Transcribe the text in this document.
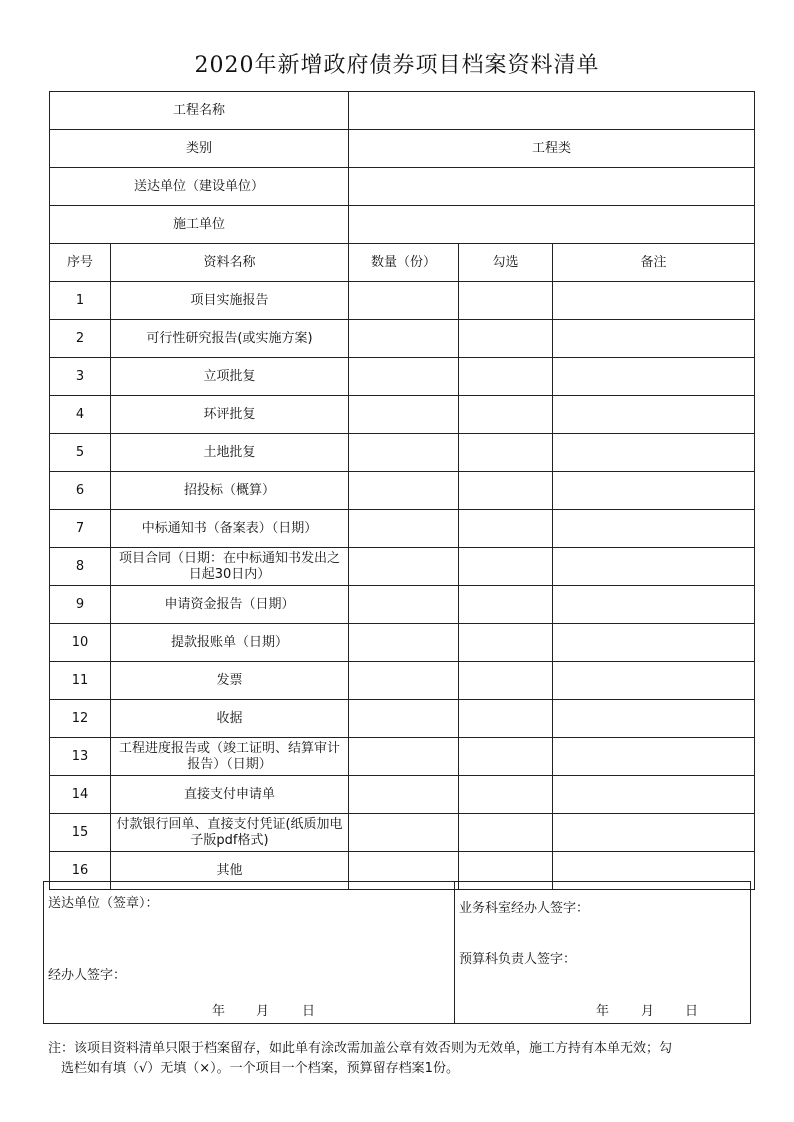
2020年新增政府债券项目档案资料清单
工程名称				
类别		工程类		
送达单位（建设单位）				
施工单位				
序号	资料名称	数量（份）	勾选	备注
1	项目实施报告			
2	可行性研究报告(或实施方案)			
3	立项批复			
4	环评批复			
5	土地批复			
6	招投标（概算）			
7	中标通知书（备案表）（日期）			
8	项目合同（日期：在中标通知书发出之日起30日内）			
9	申请资金报告（日期）			
10	提款报账单（日期）			
11	发票			
12	收据			
13	工程进度报告或（竣工证明、结算审计报告）（日期）			
14	直接支付申请单			
15	付款银行回单、直接支付凭证(纸质加电子版pdf格式)			
16	其他			
送达单位（签章）：
经办人签字：
年 月	日
业务科室经办人签字：
预算科负责人签字：
年 月 日
注：该项目资料清单只限于档案留存，如此单有涂改需加盖公章有效否则为无效单，施工方持有本单无效；勾
选栏如有填（√）无填（×）。一个项目一个档案，预算留存档案1份。
